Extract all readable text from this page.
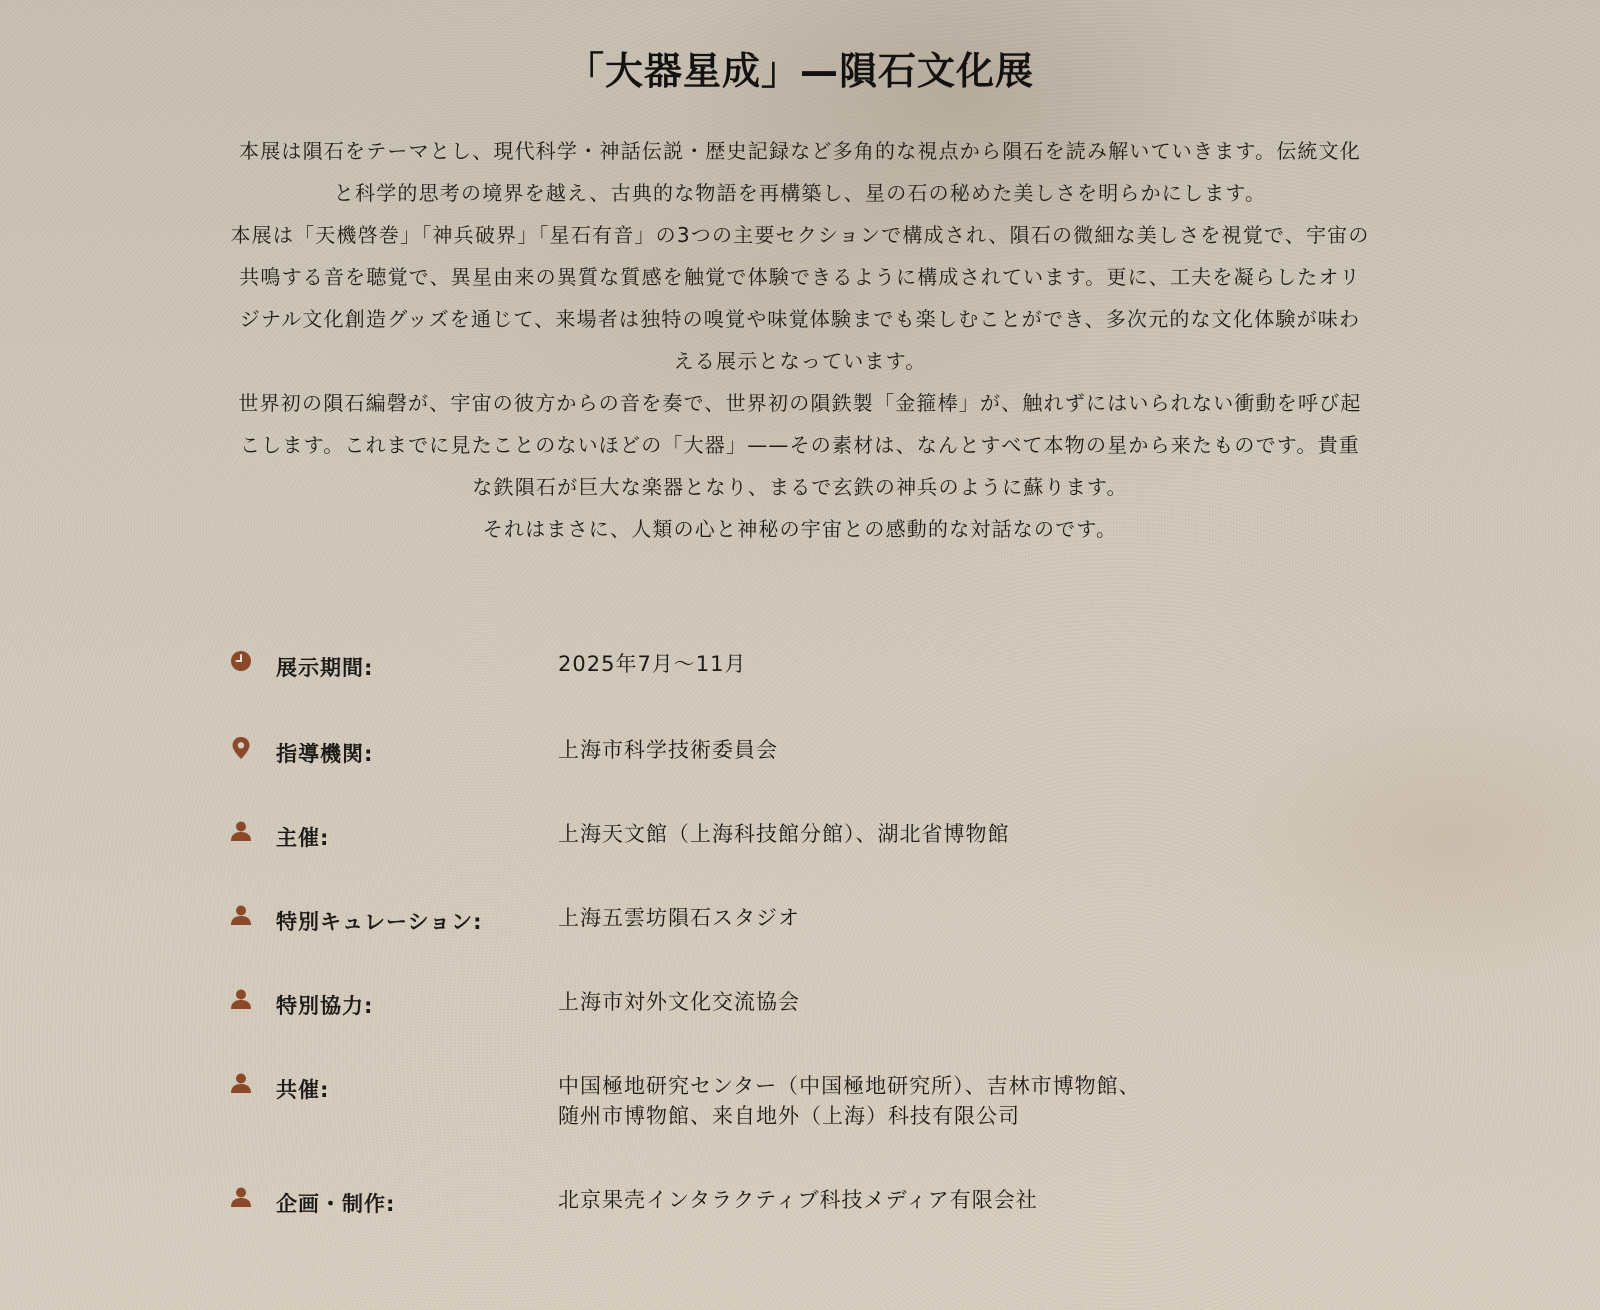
「大器星成」—隕石文化展

本展は隕石をテーマとし、現代科学・神話伝説・歴史記録など多角的な視点から隕石を読み解いていきます。伝統文化と科学的思考の境界を越え、古典的な物語を再構築し、星の石の秘めた美しさを明らかにします。

本展は「天機啓巻」「神兵破界」「星石有音」の3つの主要セクションで構成され、隕石の微細な美しさを視覚で、宇宙の共鳴する音を聴覚で、異星由来の異質な質感を触覚で体験できるように構成されています。更に、工夫を凝らしたオリジナル文化創造グッズを通じて、来場者は独特の嗅覚や味覚体験までも楽しむことができ、多次元的な文化体験が味わえる展示となっています。

世界初の隕石編磬が、宇宙の彼方からの音を奏で、世界初の隕鉄製「金箍棒」が、触れずにはいられない衝動を呼び起こします。これまでに見たことのないほどの「大器」——その素材は、なんとすべて本物の星から来たものです。貴重な鉄隕石が巨大な楽器となり、まるで玄鉄の神兵のように蘇ります。

それはまさに、人類の心と神秘の宇宙との感動的な対話なのです。

展示期間:	2025年7月～11月
指導機関:	上海市科学技術委員会
主催:	上海天文館（上海科技館分館）、湖北省博物館
特別キュレーション:	上海五雲坊隕石スタジオ
特別協力:	上海市対外文化交流協会
共催:	中国極地研究センター（中国極地研究所）、吉林市博物館、
随州市博物館、来自地外（上海）科技有限公司
企画・制作:	北京果壳インタラクティブ科技メディア有限会社
